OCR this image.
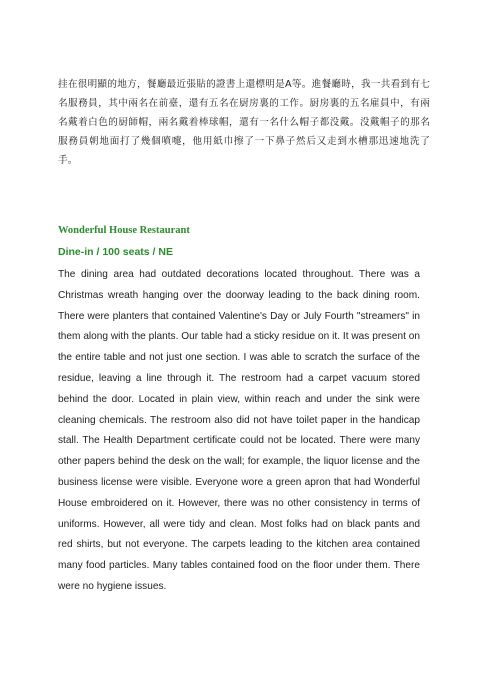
挂在很明顯的地方，餐廳最近張貼的證書上還標明是A等。進餐廳時，我一共看到有七名服務員，其中兩名在前臺，還有五名在厨房裏的工作。厨房裏的五名雇員中，有兩名戴着白色的厨師帽，兩名戴着棒球帽，還有一名什么帽子都没戴。没戴帽子的那名服務員朝地面打了幾個噴嚏，他用紙巾擦了一下鼻子然后又走到水槽那迅速地洗了手。

Wonderful House Restaurant
Dine-in / 100 seats / NE

The dining area had outdated decorations located throughout. There was a Christmas wreath hanging over the doorway leading to the back dining room. There were planters that contained Valentine's Day or July Fourth "streamers" in them along with the plants. Our table had a sticky residue on it. It was present on the entire table and not just one section. I was able to scratch the surface of the residue, leaving a line through it. The restroom had a carpet vacuum stored behind the door. Located in plain view, within reach and under the sink were cleaning chemicals. The restroom also did not have toilet paper in the handicap stall. The Health Department certificate could not be located. There were many other papers behind the desk on the wall; for example, the liquor license and the business license were visible. Everyone wore a green apron that had Wonderful House embroidered on it. However, there was no other consistency in terms of uniforms. However, all were tidy and clean. Most folks had on black pants and red shirts, but not everyone. The carpets leading to the kitchen area contained many food particles. Many tables contained food on the floor under them. There were no hygiene issues.
